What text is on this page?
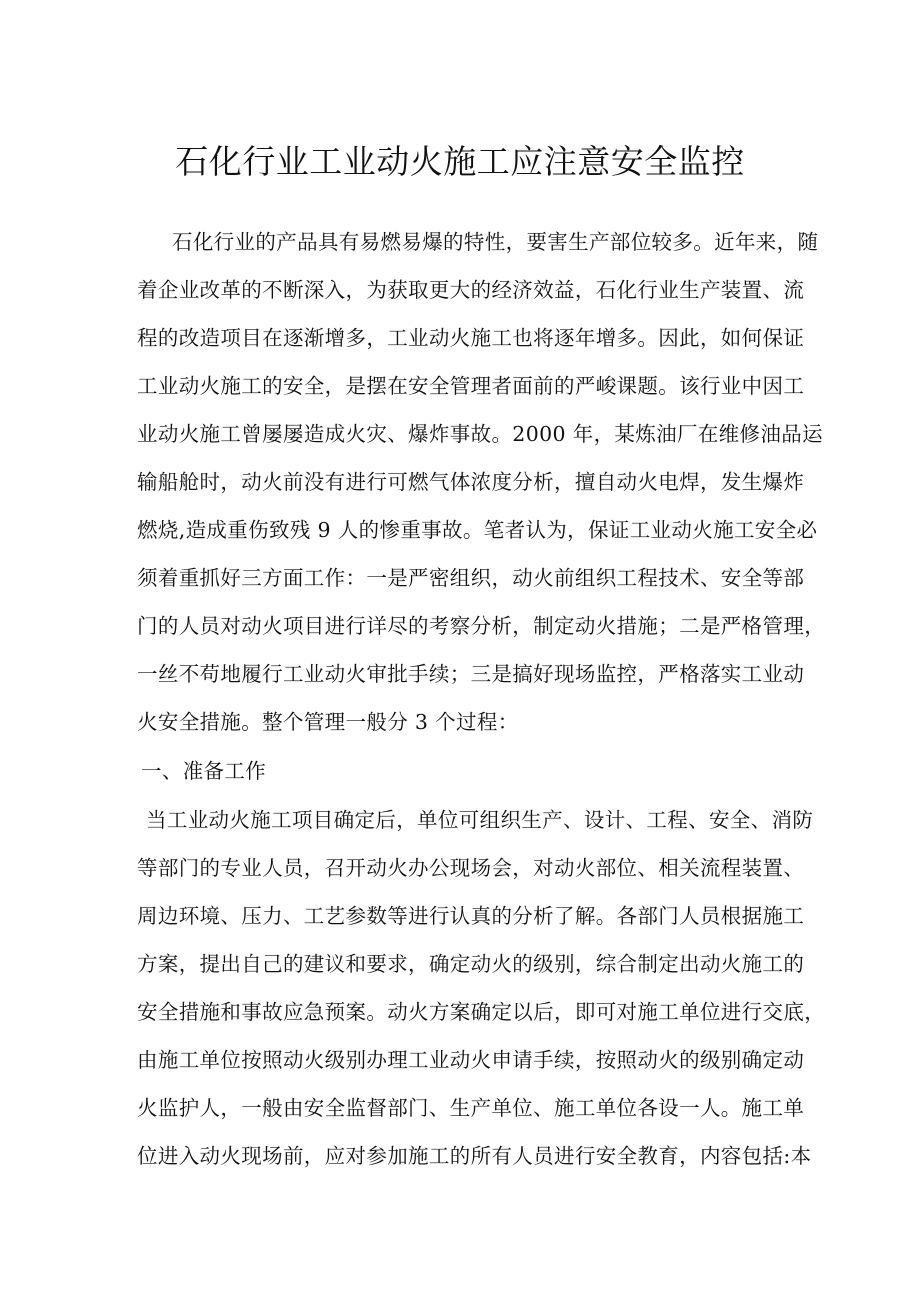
石化行业工业动火施工应注意安全监控
石化行业的产品具有易燃易爆的特性，要害生产部位较多。近年来，随
着企业改革的不断深入，为获取更大的经济效益，石化行业生产装置、流
程的改造项目在逐渐增多，工业动火施工也将逐年增多。因此，如何保证
工业动火施工的安全，是摆在安全管理者面前的严峻课题。该行业中因工
业动火施工曾屡屡造成火灾、爆炸事故。2000 年，某炼油厂在维修油品运
输船舱时，动火前没有进行可燃气体浓度分析，擅自动火电焊，发生爆炸
燃烧,造成重伤致残 9 人的惨重事故。笔者认为，保证工业动火施工安全必
须着重抓好三方面工作：一是严密组织，动火前组织工程技术、安全等部
门的人员对动火项目进行详尽的考察分析，制定动火措施；二是严格管理，
一丝不苟地履行工业动火审批手续；三是搞好现场监控，严格落实工业动
火安全措施。整个管理一般分 3 个过程：
一、准备工作
当工业动火施工项目确定后，单位可组织生产、设计、工程、安全、消防
等部门的专业人员，召开动火办公现场会，对动火部位、相关流程装置、
周边环境、压力、工艺参数等进行认真的分析了解。各部门人员根据施工
方案，提出自己的建议和要求，确定动火的级别，综合制定出动火施工的
安全措施和事故应急预案。动火方案确定以后，即可对施工单位进行交底，
由施工单位按照动火级别办理工业动火申请手续，按照动火的级别确定动
火监护人，一般由安全监督部门、生产单位、施工单位各设一人。施工单
位进入动火现场前，应对参加施工的所有人员进行安全教育，内容包括:本
